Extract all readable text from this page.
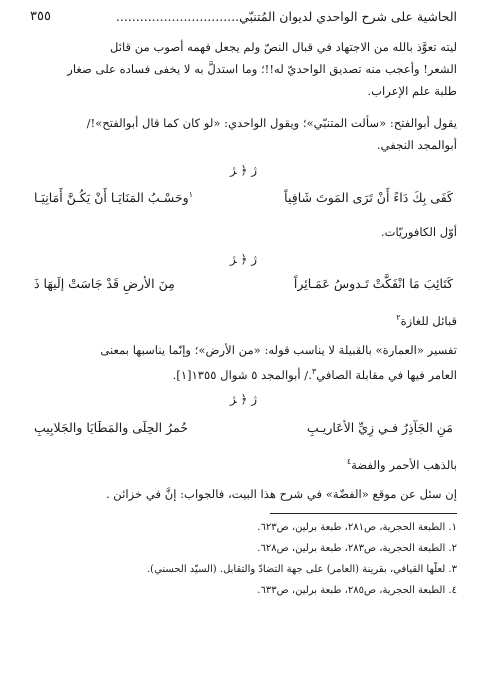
٣٥٥	الحاشية على شرح الواحدي لديوان المُتنبّي...............................
ليته تعوَّذ بالله من الاجتهاد في قبال النصّ ولم يجعل فهمه أصوب من قائل
الشعر! وأعجب منه تصديق الواحديّ له!!؛ وما استدلَّ به لا يخفى فساده على صغار
طلبة علم الإعراب.
يقول أبوالفتح: «سألت المتنبّي»؛ ويقول الواحدي: «لو كان كما قال أبوالفتح»!/
أبوالمجد النجفي.
ﮊ ﴿ ﮋ
كَفَى بِكَ دَاءً أَنْ تَرَى المَوتَ شَافِياً
$^١$وحَسْـبُ المَنَايَـا أَنْ يَكُـنَّ أَمَانِيَـا
أوّل الكافوريّات.
ﮊ ﴿ ﮋ
كَتَائِبَ مَا انْفَكَّتْ تَـدوسُ عَمَـائِراً
مِنَ الأرضِ قَدْ جَاسَتْ إلَيهَا ذَ
قبائل للغازة$^٢$
تفسير «العمارة» بالقبيلة لا يناسب قوله: «من الأرض»؛ وإنّما يناسبها بمعنى
العامر فيها في مقابلة الصافي$^٣$./ أبوالمجد ٥ شوال ١٣٥٥[١].
ﮊ ﴿ ﮋ
مَنِ الجَآذِرُ فـي زِيِّ الأعَاريـبِ
حُمرُ الحِلَى والمَطَايَا والجَلابِيبِ
بالذهب الأحمر والفضة$^٤$
إن سئل عن موقع «الفضّة» في شرح هذا البيت، فالجواب: إنَّ في خزائن .
١. الطبعة الحجرية، ص٢٨١، طبعة برلين، ص٦٢٣.
٢. الطبعة الحجرية، ص٢٨٣، طبعة برلين، ص٦٢٨.
٣. لعلّها القيافي، بقرينة (العامر) على جهة التضادّ والتقابل. (السيّد الحسني).
٤. الطبعة الحجرية، ص٢٨٥، طبعة برلين، ص٦٣٣.
